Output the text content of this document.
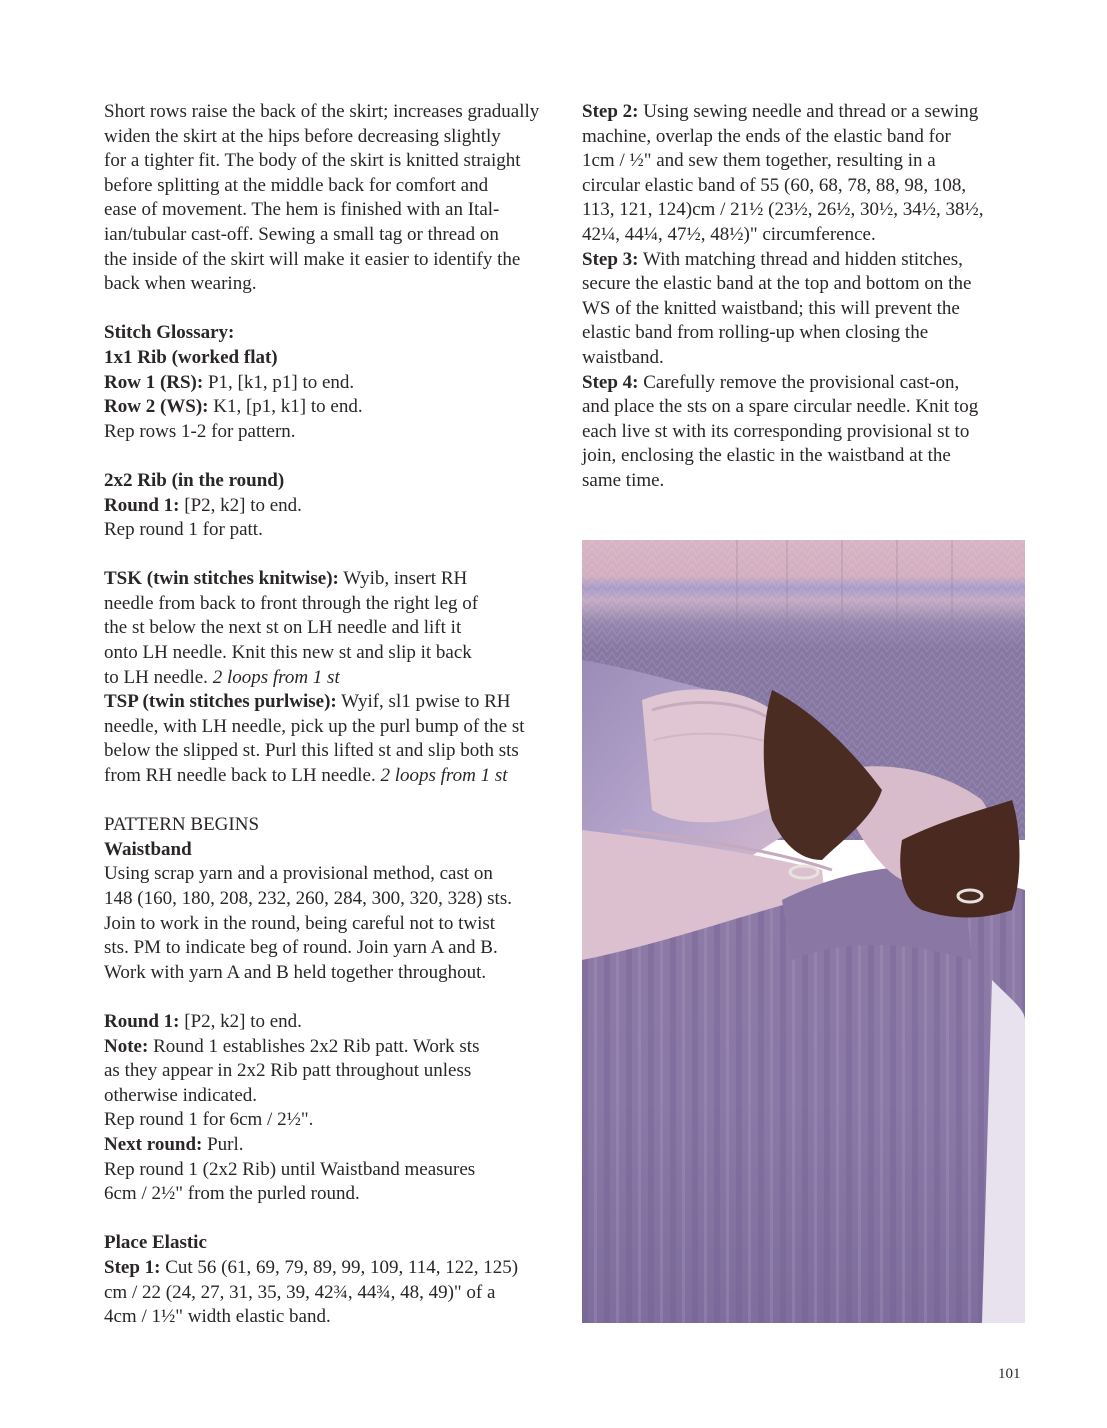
Short rows raise the back of the skirt; increases gradually
widen the skirt at the hips before decreasing slightly
for a tighter fit. The body of the skirt is knitted straight
before splitting at the middle back for comfort and
ease of movement. The hem is finished with an Ital-
ian/tubular cast-off. Sewing a small tag or thread on
the inside of the skirt will make it easier to identify the
back when wearing.
Stitch Glossary:
1x1 Rib (worked flat)
Row 1 (RS): P1, [k1, p1] to end.
Row 2 (WS): K1, [p1, k1] to end.
Rep rows 1-2 for pattern.
2x2 Rib (in the round)
Round 1: [P2, k2] to end.
Rep round 1 for patt.
TSK (twin stitches knitwise): Wyib, insert RH
needle from back to front through the right leg of
the st below the next st on LH needle and lift it
onto LH needle. Knit this new st and slip it back
to LH needle. 2 loops from 1 st
TSP (twin stitches purlwise): Wyif, sl1 pwise to RH
needle, with LH needle, pick up the purl bump of the st
below the slipped st. Purl this lifted st and slip both sts
from RH needle back to LH needle. 2 loops from 1 st
PATTERN BEGINS
Waistband
Using scrap yarn and a provisional method, cast on
148 (160, 180, 208, 232, 260, 284, 300, 320, 328) sts.
Join to work in the round, being careful not to twist
sts. PM to indicate beg of round. Join yarn A and B.
Work with yarn A and B held together throughout.
Round 1: [P2, k2] to end.
Note: Round 1 establishes 2x2 Rib patt. Work sts
as they appear in 2x2 Rib patt throughout unless
otherwise indicated.
Rep round 1 for 6cm / 2½".
Next round: Purl.
Rep round 1 (2x2 Rib) until Waistband measures
6cm / 2½" from the purled round.
Place Elastic
Step 1: Cut 56 (61, 69, 79, 89, 99, 109, 114, 122, 125)
cm / 22 (24, 27, 31, 35, 39, 42¾, 44¾, 48, 49)" of a
4cm / 1½" width elastic band.
Step 2: Using sewing needle and thread or a sewing
machine, overlap the ends of the elastic band for
1cm / ½" and sew them together, resulting in a
circular elastic band of 55 (60, 68, 78, 88, 98, 108,
113, 121, 124)cm / 21½ (23½, 26½, 30½, 34½, 38½,
42¼, 44¼, 47½, 48½)" circumference.
Step 3: With matching thread and hidden stitches,
secure the elastic band at the top and bottom on the
WS of the knitted waistband; this will prevent the
elastic band from rolling-up when closing the
waistband.
Step 4: Carefully remove the provisional cast-on,
and place the sts on a spare circular needle. Knit tog
each live st with its corresponding provisional st to
join, enclosing the elastic in the waistband at the
same time.
101
